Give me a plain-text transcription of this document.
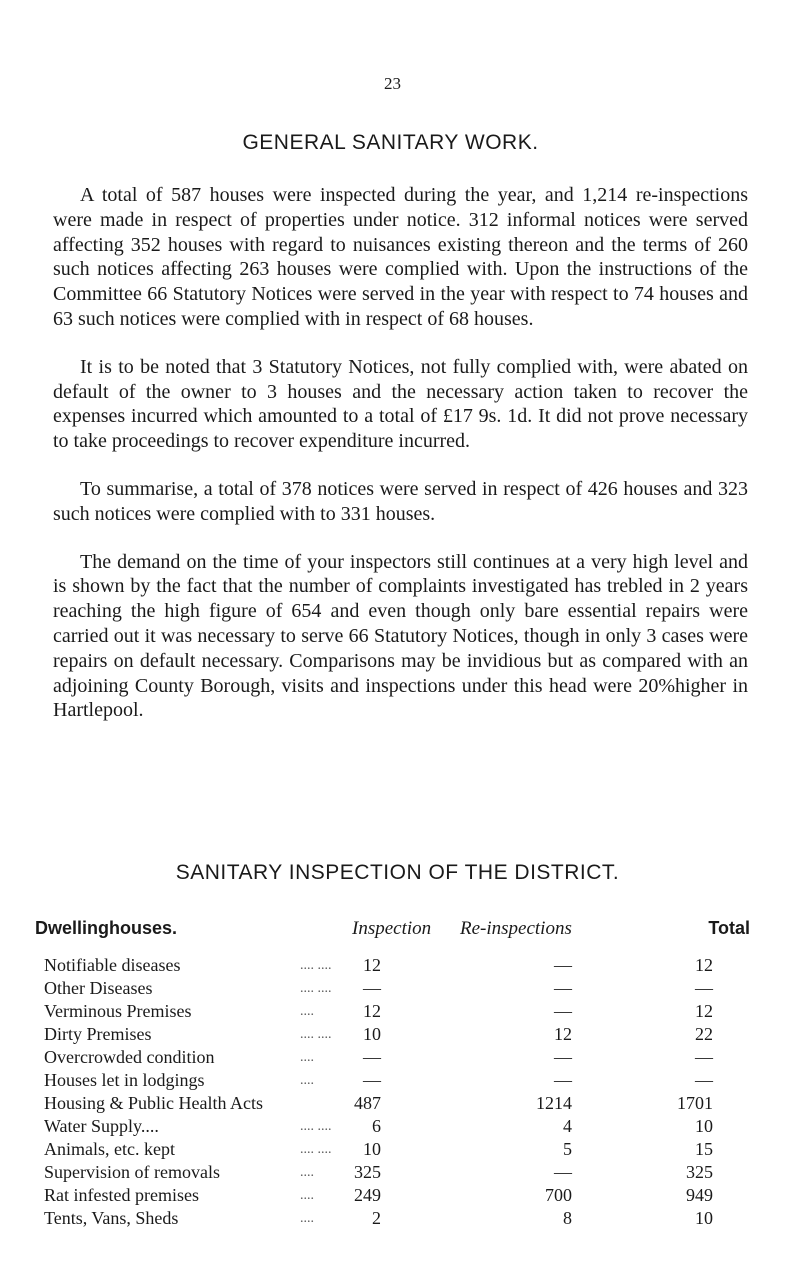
23
GENERAL SANITARY WORK.

A total of 587 houses were inspected during the year, and 1,214 re-inspections were made in respect of properties under notice. 312 informal notices were served affecting 352 houses with regard to nuisances existing thereon and the terms of 260 such notices affecting 263 houses were complied with. Upon the instructions of the Committee 66 Statutory Notices were served in the year with respect to 74 houses and 63 such notices were complied with in respect of 68 houses.

It is to be noted that 3 Statutory Notices, not fully complied with, were abated on default of the owner to 3 houses and the necessary action taken to recover the expenses incurred which amounted to a total of £17 9s. 1d. It did not prove necessary to take proceedings to recover expenditure incurred.

To summarise, a total of 378 notices were served in respect of 426 houses and 323 such notices were complied with to 331 houses.

The demand on the time of your inspectors still continues at a very high level and is shown by the fact that the number of complaints investigated has trebled in 2 years reaching the high figure of 654 and even though only bare essential repairs were carried out it was necessary to serve 66 Statutory Notices, though in only 3 cases were repairs on default necessary. Comparisons may be invidious but as compared with an adjoining County Borough, visits and inspections under this head were 20%higher in Hartlepool.

SANITARY INSPECTION OF THE DISTRICT.
Dwellinghouses.	Inspection Re-inspections	Total
Notifiable diseases	.... ....	12	—	12
Other Diseases	.... ....	—	—	—
Verminous Premises	....	12	—	12
Dirty Premises	.... ....	10	12	22
Overcrowded condition	....	—	—	—
Houses let in lodgings	....	—	—	—
Housing & Public Health Acts	487	1214	1701
Water Supply....	.... ....	6	4	10
Animals, etc. kept	.... ....	10	5	15
Supervision of removals	....	325	—	325
Rat infested premises	....	249	700	949
Tents, Vans, Sheds	....	2	8	10
